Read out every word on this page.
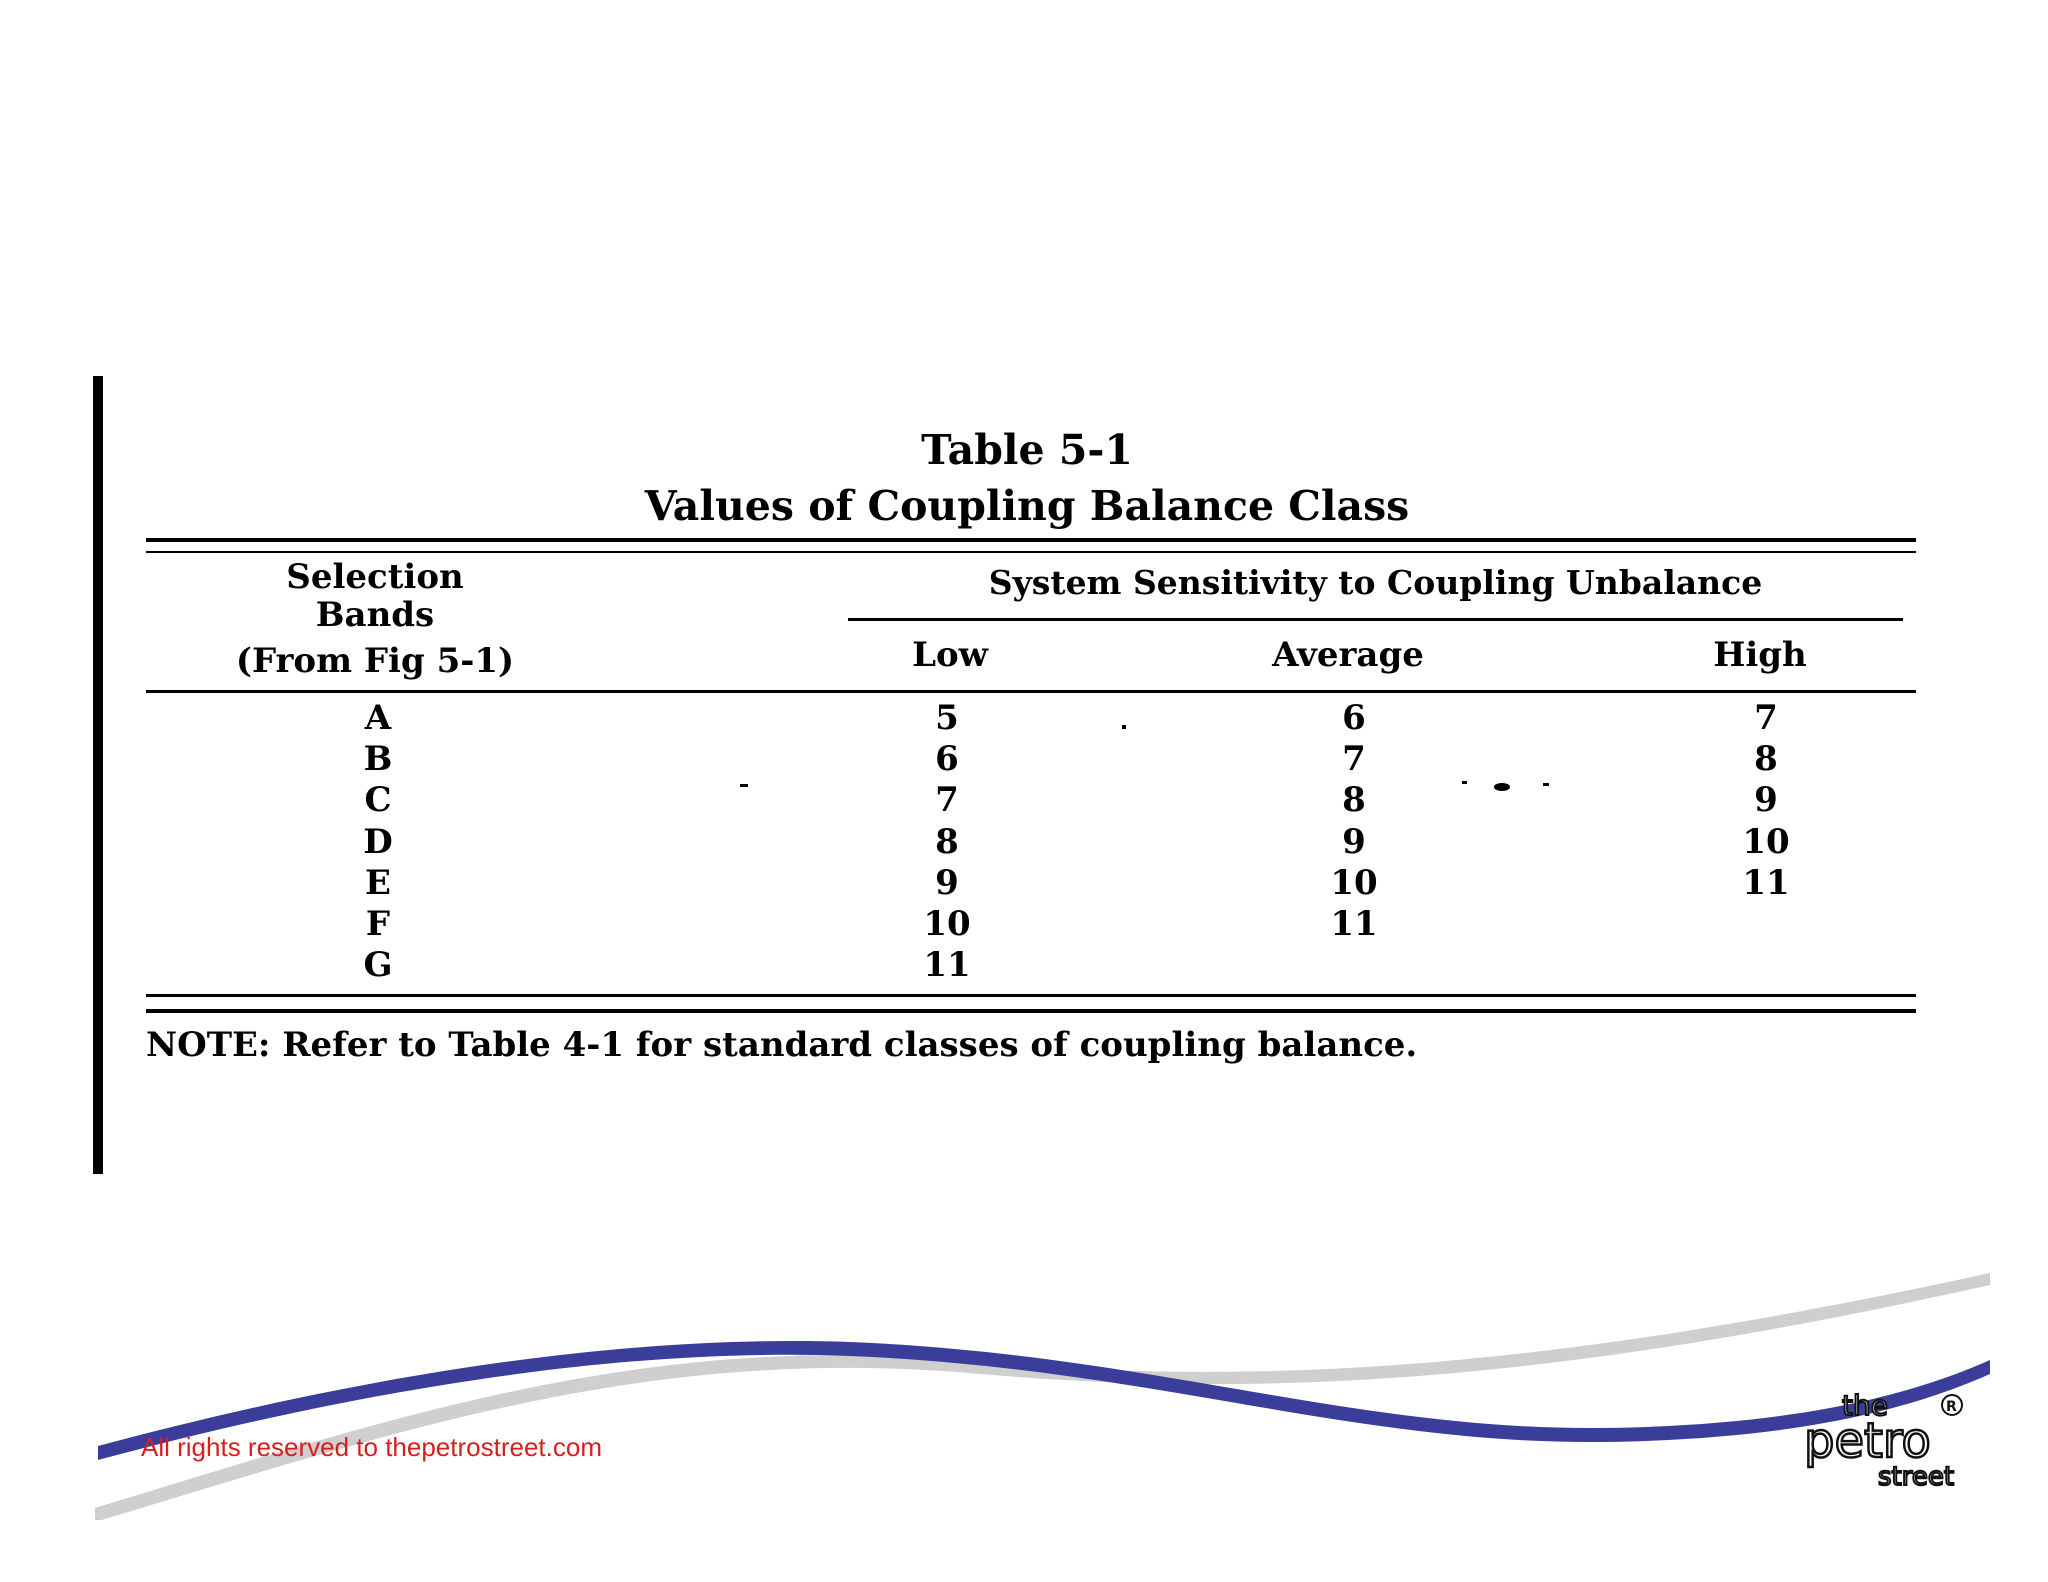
Table 5-1
Values of Coupling Balance Class
Selection
Bands
(From Fig 5-1)
System Sensitivity to Coupling Unbalance
Low	Average	High
A	5	6	7
B	6	7	8
C	7	8	9
D	8	9	10
E	9	10	11
F	10	11
G	11
NOTE: Refer to Table 4-1 for standard classes of coupling balance.
All rights reserved to thepetrostreet.com
the
petro
street
R
